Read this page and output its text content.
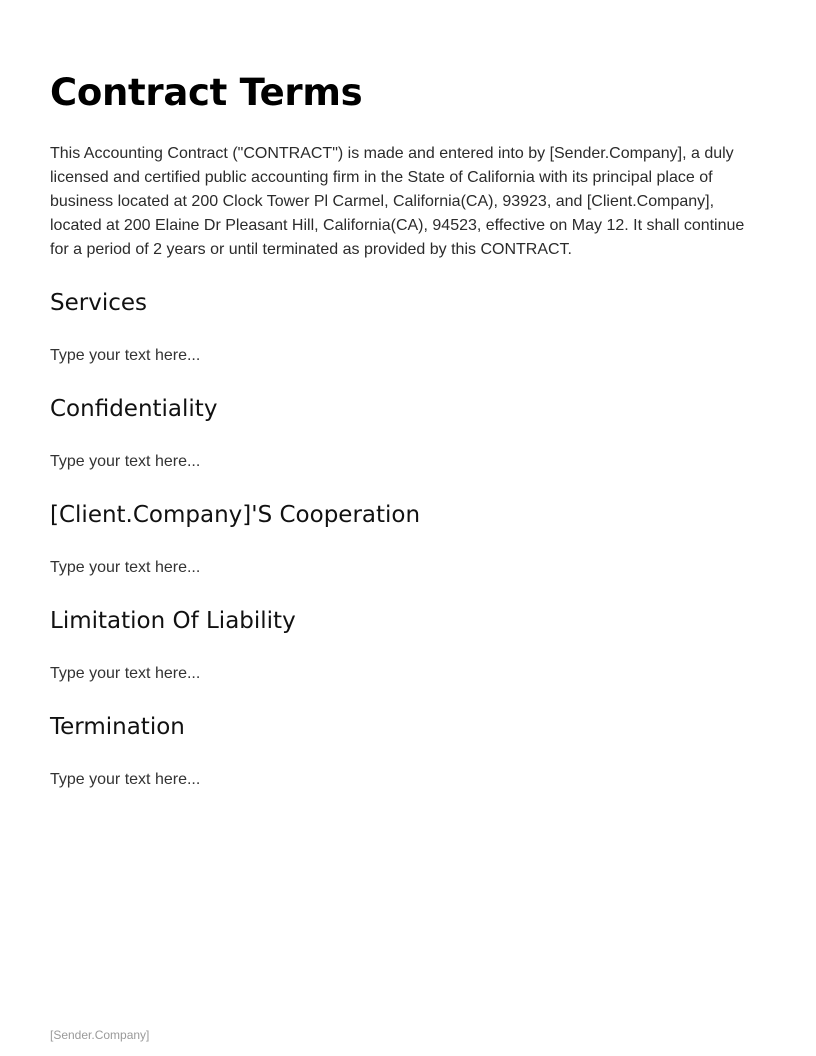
Contract Terms

This Accounting Contract ("CONTRACT") is made and entered into by [Sender.Company], a duly licensed and certified public accounting firm in the State of California with its principal place of business located at 200 Clock Tower Pl Carmel, California(CA), 93923, and [Client.Company], located at 200 Elaine Dr Pleasant Hill, California(CA), 94523, effective on May 12. It shall continue for a period of 2 years or until terminated as provided by this CONTRACT.

Services

Type your text here...

Confidentiality

Type your text here...

[Client.Company]'S Cooperation

Type your text here...

Limitation Of Liability

Type your text here...

Termination

Type your text here...

[Sender.Company]
